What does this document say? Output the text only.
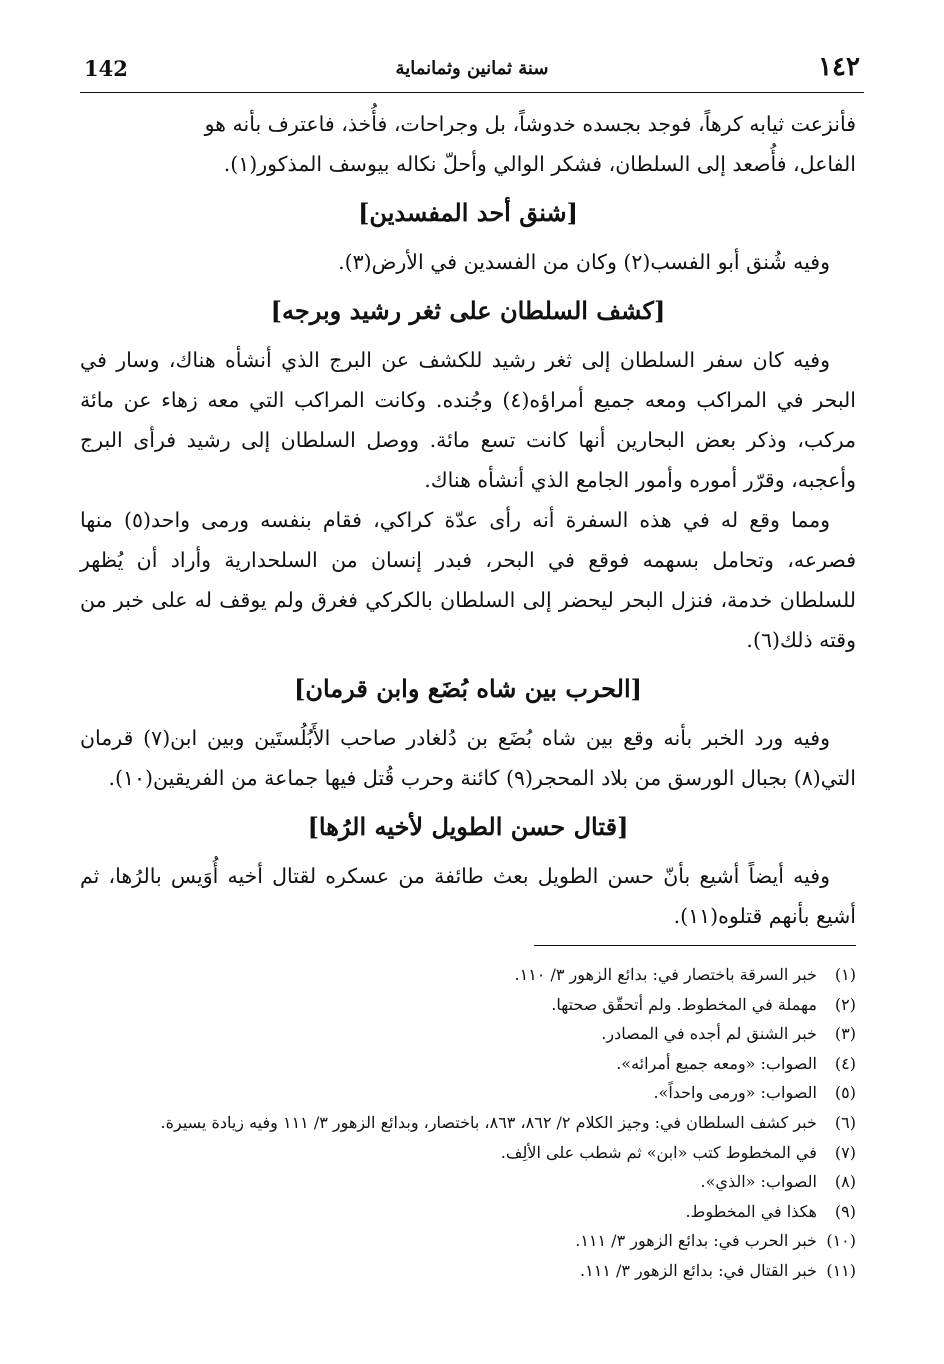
142	سنة ثمانين وثمانماية	١٤٢

فأنزعت ثيابه كرهاً، فوجد بجسده خدوشاً، بل وجراحات، فأُخذ، فاعترف بأنه هو

الفاعل، فأُصعد إلى السلطان، فشكر الوالي وأحلّ نكاله بيوسف المذكور(١).

[شنق أحد المفسدين]

وفيه شُنق أبو الفسب(٢) وكان من الفسدين في الأرض(٣).

[كشف السلطان على ثغر رشيد وبرجه]

وفيه كان سفر السلطان إلى ثغر رشيد للكشف عن البرج الذي أنشأه هناك، وسار في البحر في المراكب ومعه جميع أمراؤه(٤) وجُنده. وكانت المراكب التي معه زهاء عن مائة مركب، وذكر بعض البحارين أنها كانت تسع مائة. ووصل السلطان إلى رشيد فرأى البرج وأعجبه، وقرّر أموره وأمور الجامع الذي أنشأه هناك.

ومما وقع له في هذه السفرة أنه رأى عدّة كراكي، فقام بنفسه ورمى واحد(٥) منها فصرعه، وتحامل بسهمه فوقع في البحر، فبدر إنسان من السلحدارية وأراد أن يُظهر للسلطان خدمة، فنزل البحر ليحضر إلى السلطان بالكركي فغرق ولم يوقف له على خبر من وقته ذلك(٦).

[الحرب بين شاه بُضَع وابن قرمان]

وفيه ورد الخبر بأنه وقع بين شاه بُضَع بن دُلغادر صاحب الأَبُلُستَين وبين ابن(٧) قرمان التي(٨) بجبال الورسق من بلاد المحجر(٩) كائنة وحرب قُتل فيها جماعة من الفريقين(١٠).

[قتال حسن الطويل لأخيه الرُها]

وفيه أيضاً أشيع بأنّ حسن الطويل بعث طائفة من عسكره لقتال أخيه أُوَيس بالرُها، ثم أشيع بأنهم قتلوه(١١).

(١) خبر السرقة باختصار في: بدائع الزهور ٣/ ١١٠.
(٢) مهملة في المخطوط. ولم أتحقّق صحتها.
(٣) خبر الشنق لم أجده في المصادر.
(٤) الصواب: «ومعه جميع أمرائه».
(٥) الصواب: «ورمى واحداً».
(٦) خبر كشف السلطان في: وجيز الكلام ٢/ ٨٦٢، ٨٦٣، باختصار، وبدائع الزهور ٣/ ١١١ وفيه زيادة يسيرة.
(٧) في المخطوط كتب «ابن» ثم شطب على الألِف.
(٨) الصواب: «الذي».
(٩) هكذا في المخطوط.
(١٠) خبر الحرب في: بدائع الزهور ٣/ ١١١.
(١١) خبر القتال في: بدائع الزهور ٣/ ١١١.
